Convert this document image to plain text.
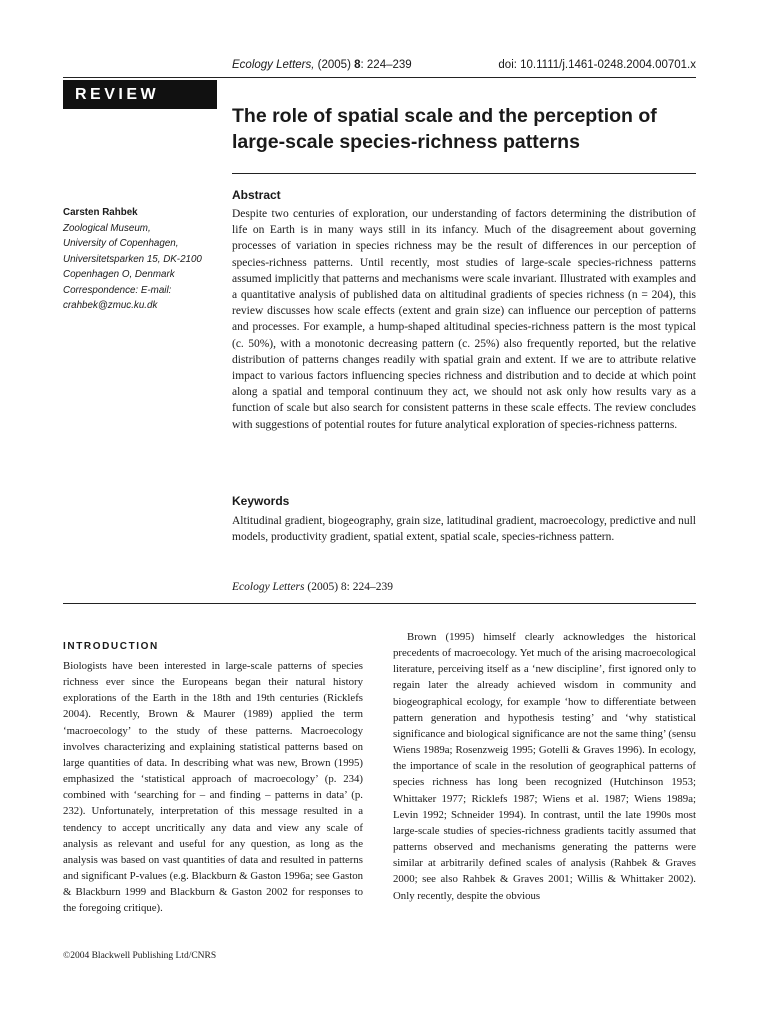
Ecology Letters, (2005) 8: 224–239	doi: 10.1111/j.1461-0248.2004.00701.x
REVIEW
The role of spatial scale and the perception of large-scale species-richness patterns
Carsten Rahbek
Zoological Museum,
University of Copenhagen,
Universitetsparken 15, DK-2100
Copenhagen O, Denmark
Correspondence: E-mail:
crahbek@zmuc.ku.dk
Abstract

Despite two centuries of exploration, our understanding of factors determining the distribution of life on Earth is in many ways still in its infancy. Much of the disagreement about governing processes of variation in species richness may be the result of differences in our perception of species-richness patterns. Until recently, most studies of large-scale species-richness patterns assumed implicitly that patterns and mechanisms were scale invariant. Illustrated with examples and a quantitative analysis of published data on altitudinal gradients of species richness (n = 204), this review discusses how scale effects (extent and grain size) can influence our perception of patterns and processes. For example, a hump-shaped altitudinal species-richness pattern is the most typical (c. 50%), with a monotonic decreasing pattern (c. 25%) also frequently reported, but the relative distribution of patterns changes readily with spatial grain and extent. If we are to attribute relative impact to various factors influencing species richness and distribution and to decide at which point along a spatial and temporal continuum they act, we should not ask only how results vary as a function of scale but also search for consistent patterns in these scale effects. The review concludes with suggestions of potential routes for future analytical exploration of species-richness patterns.

Keywords

Altitudinal gradient, biogeography, grain size, latitudinal gradient, macroecology, predictive and null models, productivity gradient, spatial extent, spatial scale, species-richness pattern.

Ecology Letters (2005) 8: 224–239
INTRODUCTION

Biologists have been interested in large-scale patterns of species richness ever since the Europeans began their natural history explorations of the Earth in the 18th and 19th centuries (Ricklefs 2004). Recently, Brown & Maurer (1989) applied the term ‘macroecology’ to the study of these patterns. Macroecology involves characterizing and explaining statistical patterns based on large quantities of data. In describing what was new, Brown (1995) emphasized the ‘statistical approach of macroecology’ (p. 234) combined with ‘searching for – and finding – patterns in data’ (p. 232). Unfortunately, interpretation of this message resulted in a tendency to accept uncritically any data and view any scale of analysis as relevant and useful for any question, as long as the analysis was based on vast quantities of data and resulted in patterns and significant P-values (e.g. Blackburn & Gaston 1996a; see Gaston & Blackburn 1999 and Blackburn & Gaston 2002 for responses to the foregoing critique).

Brown (1995) himself clearly acknowledges the historical precedents of macroecology. Yet much of the arising macroecological literature, perceiving itself as a ‘new discipline’, first ignored only to regain later the already achieved wisdom in community and biogeographical ecology, for example ‘how to differentiate between pattern generation and hypothesis testing’ and ‘why statistical significance and biological significance are not the same thing’ (sensu Wiens 1989a; Rosenzweig 1995; Gotelli & Graves 1996). In ecology, the importance of scale in the resolution of geographical patterns of species richness has long been recognized (Hutchinson 1953; Whittaker 1977; Ricklefs 1987; Wiens et al. 1987; Wiens 1989a; Levin 1992; Schneider 1994). In contrast, until the late 1990s most large-scale studies of species-richness gradients tacitly assumed that patterns observed and mechanisms generating the patterns were similar at arbitrarily defined scales of analysis (Rahbek & Graves 2000; see also Rahbek & Graves 2001; Willis & Whittaker 2002). Only recently, despite the obvious

©2004 Blackwell Publishing Ltd/CNRS
